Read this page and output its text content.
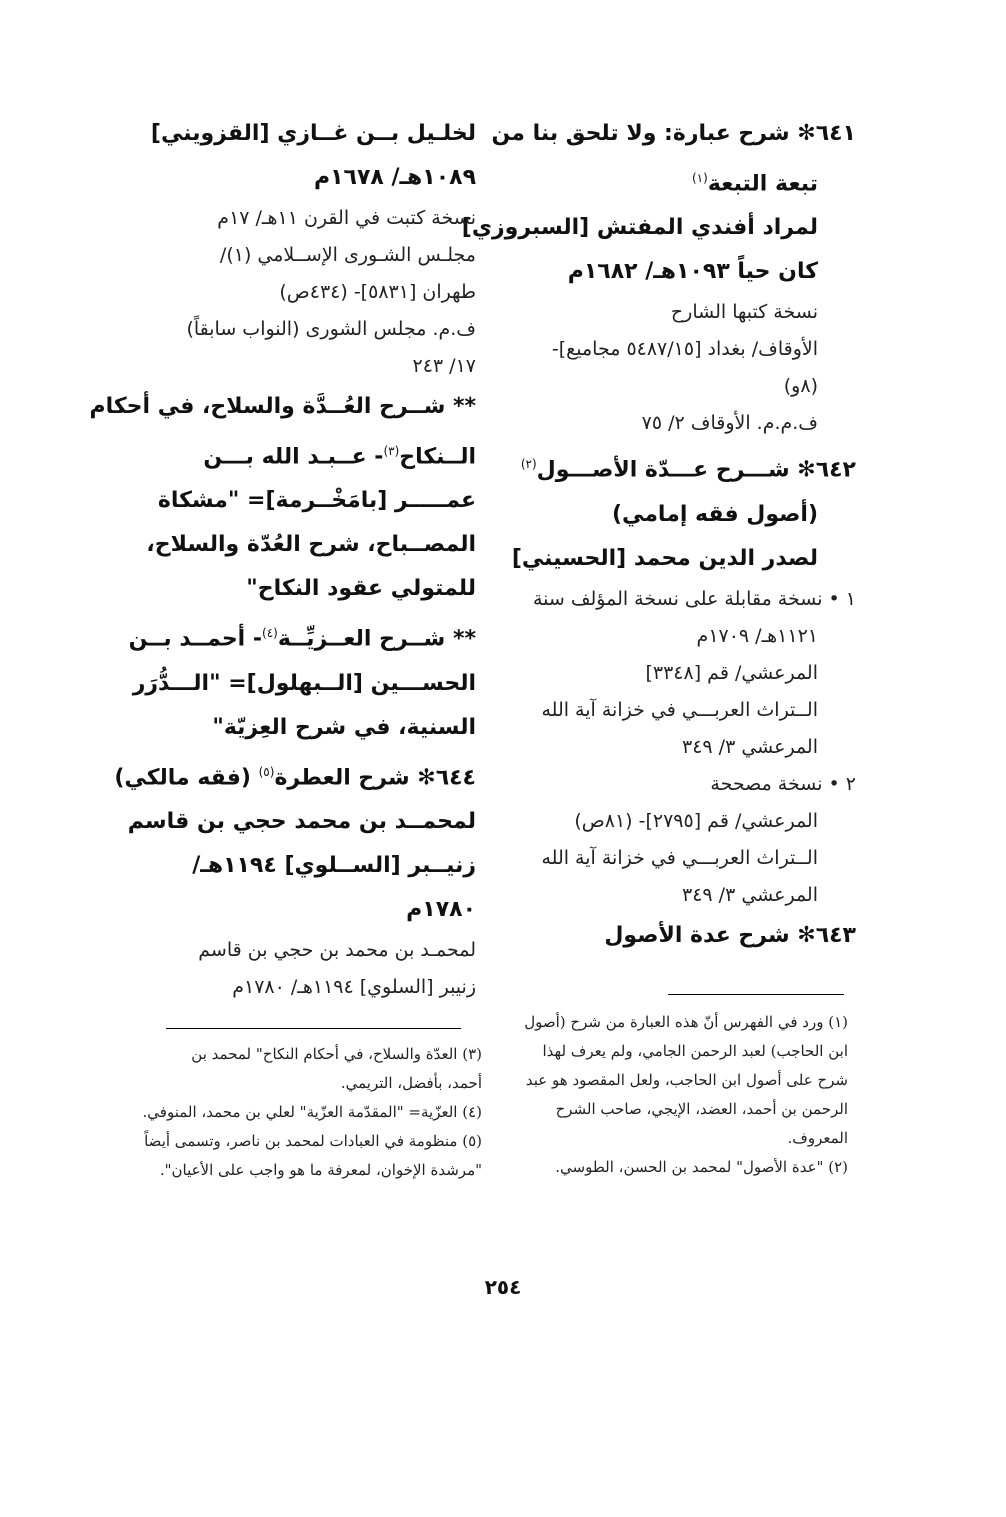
٦٤١✻ شرح عبارة: ولا تلحق بنا من
تبعة التبعة$^{(١)}$
لمراد أفندي المفتش [السبروزي]
كان حياً ١٠٩٣هـ/ ١٦٨٢م
نسخة كتبها الشارح
الأوقاف/ بغداد [٥٤٨٧/١٥ مجاميع]-
(٨و)
ف.م.م. الأوقاف ٢/ ٧٥
٦٤٢✻ شـــرح عـــدّة الأصـــول$^{(٢)}$
(أصول فقه إمامي)
لصدر الدين محمد [الحسيني]
١ • نسخة مقابلة على نسخة المؤلف سنة
١١٢١هـ/ ١٧٠٩م
المرعشي/ قم [٣٣٤٨]
الــتراث العربـــي في خزانة آية الله
المرعشي ٣/ ٣٤٩
٢ • نسخة مصححة
المرعشي/ قم [٢٧٩٥]- (٨١ص)
الــتراث العربـــي في خزانة آية الله
المرعشي ٣/ ٣٤٩
٦٤٣✻ شرح عدة الأصول
لخلـيل بــن غــازي [القزويني]
١٠٨٩هـ/ ١٦٧٨م
نسخة كتبت في القرن ١١هـ/ ١٧م
مجلـس الشـورى الإســلامي (١)/
طهران [٥٨٣١]- (٤٣٤ص)
ف.م. مجلس الشورى (النواب سابقاً)
١٧/ ٢٤٣
** شــرح العُــدَّة والسلاح، في أحكام
الــنكاح$^{(٣)}$- عــبـد الله بـــن
عمـــــر [بامَخْــرمة]= "مشكاة
المصــباح، شرح العُدّة والسلاح،
للمتولي عقود النكاح"
** شــرح العــزيِّــة$^{(٤)}$- أحمــد بــن
الحســـين [الــبهلول]= "الـــدُّرَر
السنية، في شرح العِزيّة"
٦٤٤✻ شرح العطرة$^{(٥)}$ (فقه مالكي)
لمحمــد بن محمد حجي بن قاسم
زنيــبر [الســلوي] ١١٩٤هـ/
١٧٨٠م
لمحمـد بن محمد بن حجي بن قاسم
زنيبر [السلوي] ١١٩٤هـ/ ١٧٨٠م
(١) ورد في الفهرس أنّ هذه العبارة من شرح (أصول
ابن الحاجب) لعبد الرحمن الجامي، ولم يعرف لهذا
شرح على أصول ابن الحاجب، ولعل المقصود هو عبد
الرحمن بن أحمد، العضد، الإيجي، صاحب الشرح
المعروف.
(٢) "عدة الأصول" لمحمد بن الحسن، الطوسي.
(٣) العدّة والسلاح، في أحكام النكاح" لمحمد بن
أحمد، بأفضل، التريمي.
(٤) العزّية= "المقدّمة العزّية" لعلي بن محمد، المنوفي.
(٥) منظومة في العبادات لمحمد بن ناصر، وتسمى أيضاً
"مرشدة الإخوان، لمعرفة ما هو واجب على الأعيان".
٢٥٤
